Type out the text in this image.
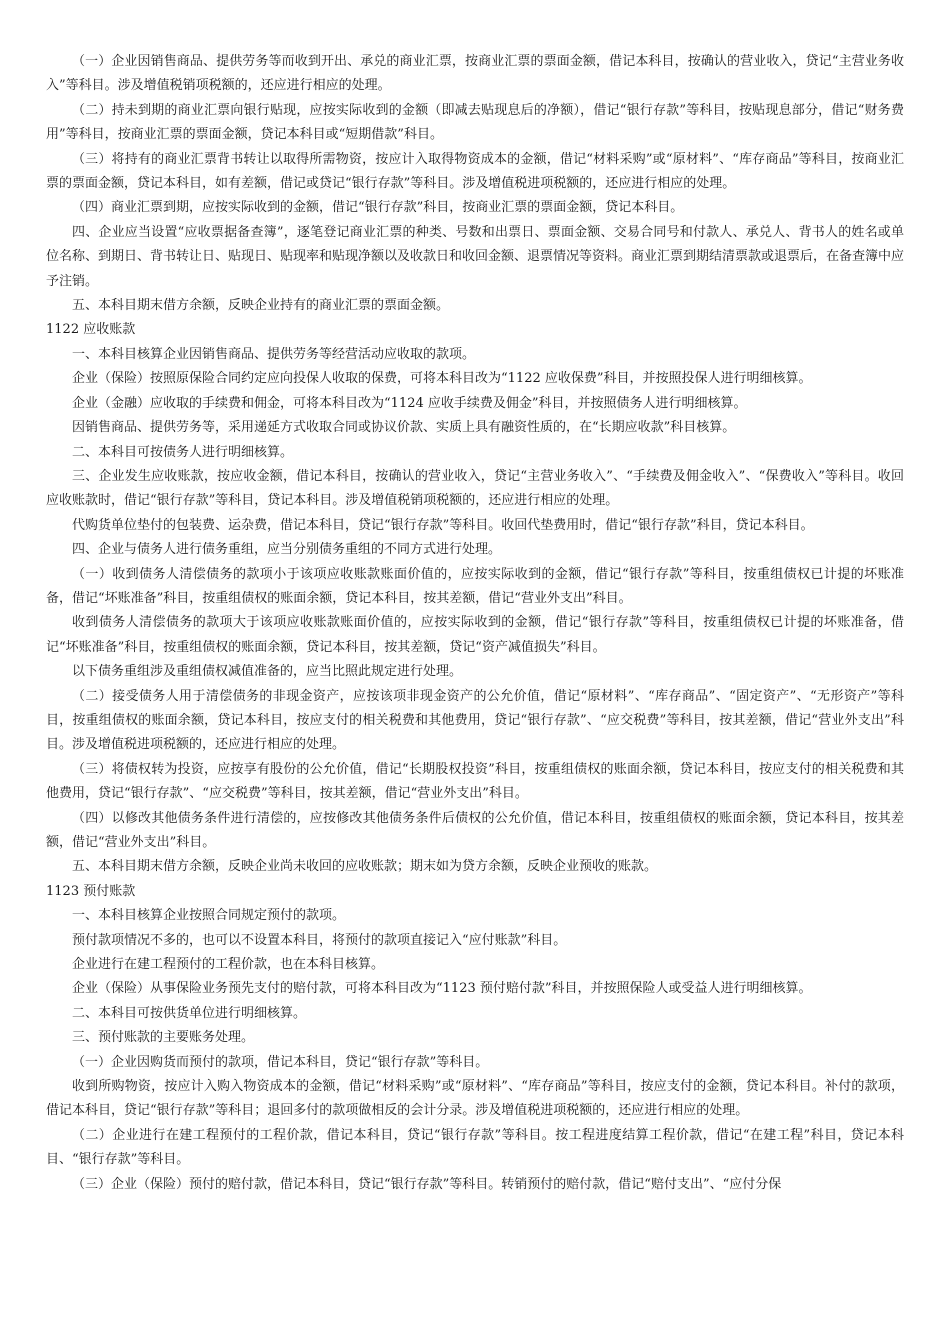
（一）企业因销售商品、提供劳务等而收到开出、承兑的商业汇票，按商业汇票的票面金额，借记本科目，按确认的营业收入，贷记“主营业务收入”等科目。涉及增值税销项税额的，还应进行相应的处理。

（二）持未到期的商业汇票向银行贴现，应按实际收到的金额（即减去贴现息后的净额），借记“银行存款”等科目，按贴现息部分，借记“财务费用”等科目，按商业汇票的票面金额，贷记本科目或“短期借款”科目。

（三）将持有的商业汇票背书转让以取得所需物资，按应计入取得物资成本的金额，借记“材料采购”或“原材料”、“库存商品”等科目，按商业汇票的票面金额，贷记本科目，如有差额，借记或贷记“银行存款”等科目。涉及增值税进项税额的，还应进行相应的处理。

（四）商业汇票到期，应按实际收到的金额，借记“银行存款”科目，按商业汇票的票面金额，贷记本科目。

四、企业应当设置“应收票据备查簿”，逐笔登记商业汇票的种类、号数和出票日、票面金额、交易合同号和付款人、承兑人、背书人的姓名或单位名称、到期日、背书转让日、贴现日、贴现率和贴现净额以及收款日和收回金额、退票情况等资料。商业汇票到期结清票款或退票后，在备查簿中应予注销。

五、本科目期末借方余额，反映企业持有的商业汇票的票面金额。

1122 应收账款

一、本科目核算企业因销售商品、提供劳务等经营活动应收取的款项。

企业（保险）按照原保险合同约定应向投保人收取的保费，可将本科目改为“1122 应收保费”科目，并按照投保人进行明细核算。

企业（金融）应收取的手续费和佣金，可将本科目改为“1124 应收手续费及佣金”科目，并按照债务人进行明细核算。

因销售商品、提供劳务等，采用递延方式收取合同或协议价款、实质上具有融资性质的，在“长期应收款”科目核算。

二、本科目可按债务人进行明细核算。

三、企业发生应收账款，按应收金额，借记本科目，按确认的营业收入，贷记“主营业务收入”、“手续费及佣金收入”、“保费收入”等科目。收回应收账款时，借记“银行存款”等科目，贷记本科目。涉及增值税销项税额的，还应进行相应的处理。

代购货单位垫付的包装费、运杂费，借记本科目，贷记“银行存款”等科目。收回代垫费用时，借记“银行存款”科目，贷记本科目。

四、企业与债务人进行债务重组，应当分别债务重组的不同方式进行处理。

（一）收到债务人清偿债务的款项小于该项应收账款账面价值的，应按实际收到的金额，借记“银行存款”等科目，按重组债权已计提的坏账准备，借记“坏账准备”科目，按重组债权的账面余额，贷记本科目，按其差额，借记“营业外支出”科目。

收到债务人清偿债务的款项大于该项应收账款账面价值的，应按实际收到的金额，借记“银行存款”等科目，按重组债权已计提的坏账准备，借记“坏账准备”科目，按重组债权的账面余额，贷记本科目，按其差额，贷记“资产减值损失”科目。

以下债务重组涉及重组债权减值准备的，应当比照此规定进行处理。

（二）接受债务人用于清偿债务的非现金资产，应按该项非现金资产的公允价值，借记“原材料”、“库存商品”、“固定资产”、“无形资产”等科目，按重组债权的账面余额，贷记本科目，按应支付的相关税费和其他费用，贷记“银行存款”、“应交税费”等科目，按其差额，借记“营业外支出”科目。涉及增值税进项税额的，还应进行相应的处理。

（三）将债权转为投资，应按享有股份的公允价值，借记“长期股权投资”科目，按重组债权的账面余额，贷记本科目，按应支付的相关税费和其他费用，贷记“银行存款”、“应交税费”等科目，按其差额，借记“营业外支出”科目。

（四）以修改其他债务条件进行清偿的，应按修改其他债务条件后债权的公允价值，借记本科目，按重组债权的账面余额，贷记本科目，按其差额，借记“营业外支出”科目。

五、本科目期末借方余额，反映企业尚未收回的应收账款；期末如为贷方余额，反映企业预收的账款。

1123 预付账款

一、本科目核算企业按照合同规定预付的款项。

预付款项情况不多的，也可以不设置本科目，将预付的款项直接记入“应付账款”科目。

企业进行在建工程预付的工程价款，也在本科目核算。

企业（保险）从事保险业务预先支付的赔付款，可将本科目改为“1123 预付赔付款”科目，并按照保险人或受益人进行明细核算。

二、本科目可按供货单位进行明细核算。

三、预付账款的主要账务处理。

（一）企业因购货而预付的款项，借记本科目，贷记“银行存款”等科目。

收到所购物资，按应计入购入物资成本的金额，借记“材料采购”或“原材料”、“库存商品”等科目，按应支付的金额，贷记本科目。补付的款项，借记本科目，贷记“银行存款”等科目；退回多付的款项做相反的会计分录。涉及增值税进项税额的，还应进行相应的处理。

（二）企业进行在建工程预付的工程价款，借记本科目，贷记“银行存款”等科目。按工程进度结算工程价款，借记“在建工程”科目，贷记本科目、“银行存款”等科目。

（三）企业（保险）预付的赔付款，借记本科目，贷记“银行存款”等科目。转销预付的赔付款，借记“赔付支出”、“应付分保
